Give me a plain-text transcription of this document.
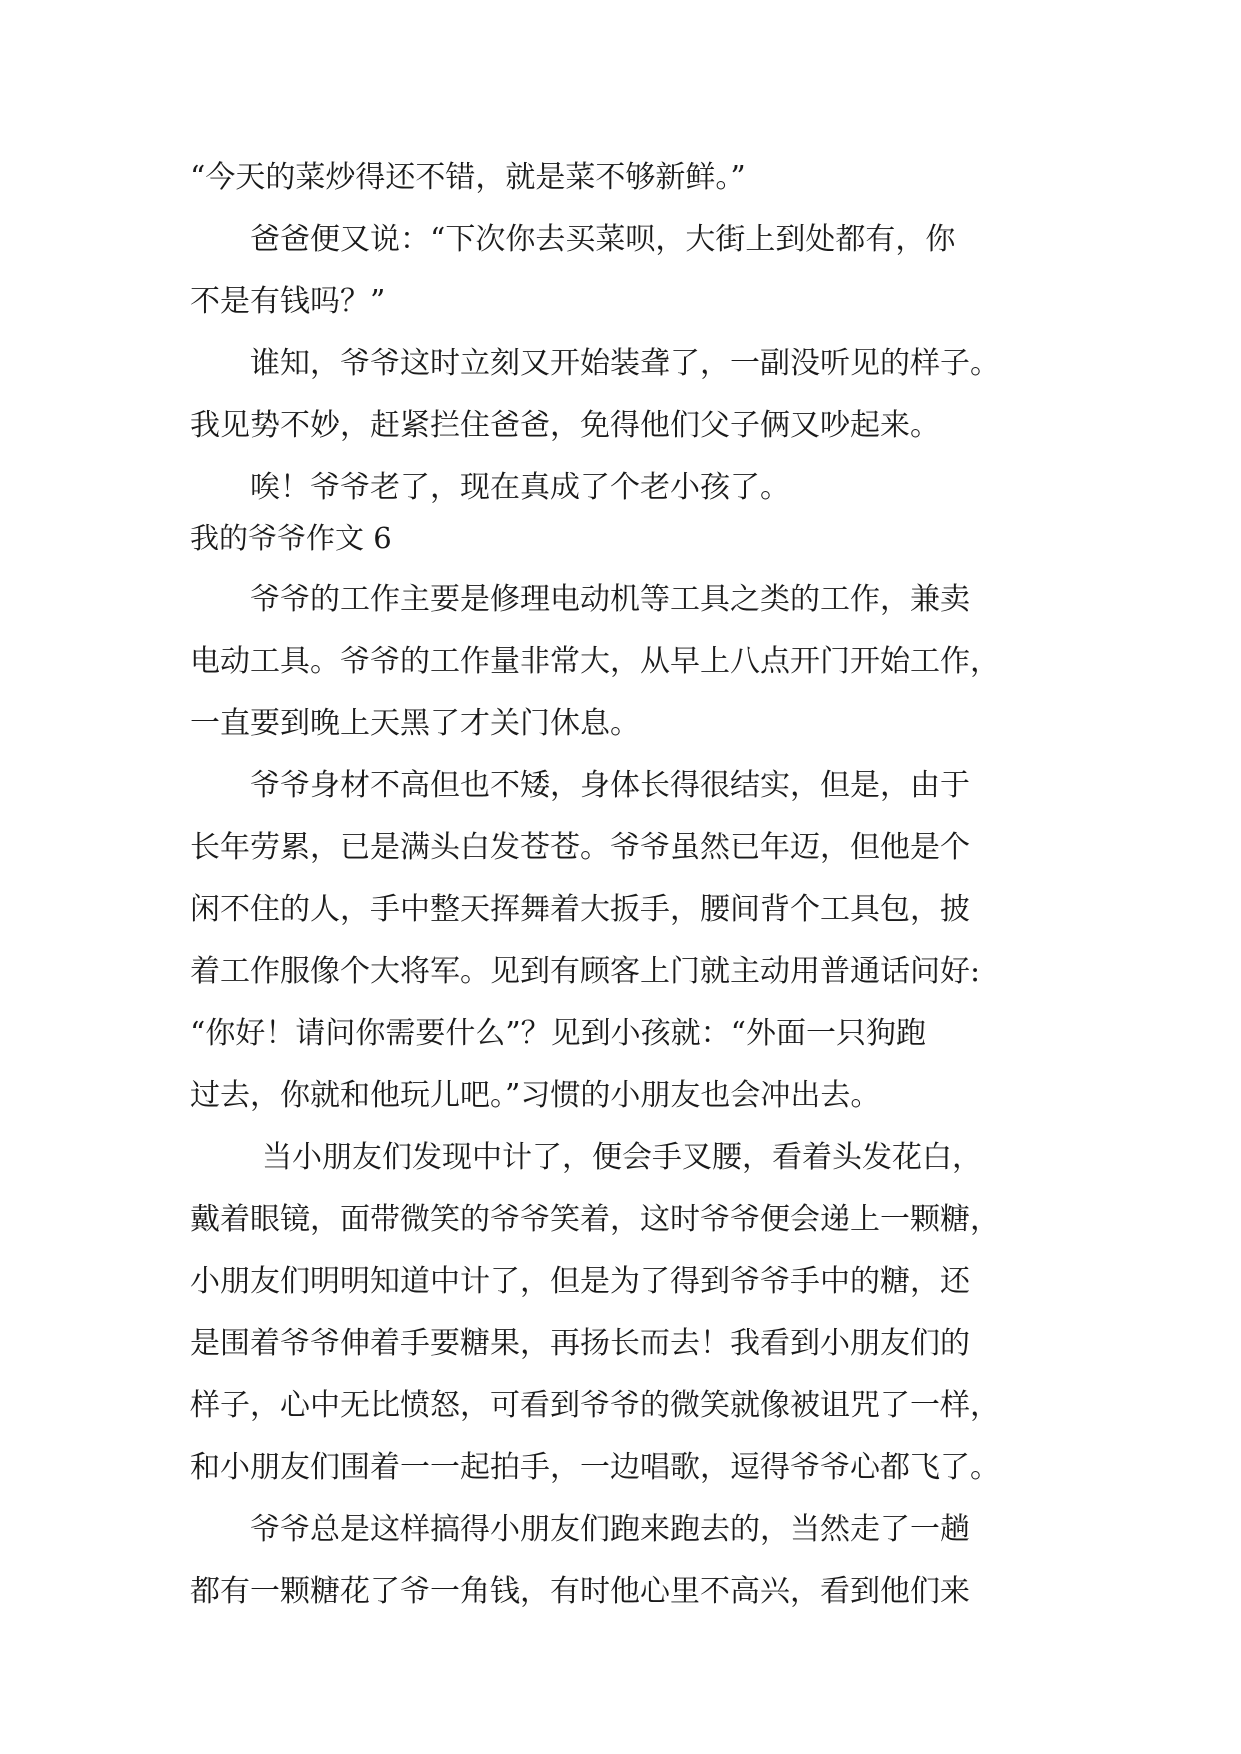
“今天的菜炒得还不错，就是菜不够新鲜。”
爸爸便又说：“下次你去买菜呗，大街上到处都有，你
不是有钱吗？”
谁知，爷爷这时立刻又开始装聋了，一副没听见的样子。
我见势不妙，赶紧拦住爸爸，免得他们父子俩又吵起来。
唉！爷爷老了，现在真成了个老小孩了。
我的爷爷作文 6
爷爷的工作主要是修理电动机等工具之类的工作，兼卖
电动工具。爷爷的工作量非常大，从早上八点开门开始工作，
一直要到晚上天黑了才关门休息。
爷爷身材不高但也不矮，身体长得很结实，但是，由于
长年劳累，已是满头白发苍苍。爷爷虽然已年迈，但他是个
闲不住的人，手中整天挥舞着大扳手，腰间背个工具包，披
着工作服像个大将军。见到有顾客上门就主动用普通话问好:
“你好！请问你需要什么”？见到小孩就：“外面一只狗跑
过去，你就和他玩儿吧。”习惯的小朋友也会冲出去。
当小朋友们发现中计了，便会手叉腰，看着头发花白，
戴着眼镜，面带微笑的爷爷笑着，这时爷爷便会递上一颗糖，
小朋友们明明知道中计了，但是为了得到爷爷手中的糖，还
是围着爷爷伸着手要糖果，再扬长而去！我看到小朋友们的
样子，心中无比愤怒，可看到爷爷的微笑就像被诅咒了一样，
和小朋友们围着一一起拍手，一边唱歌，逗得爷爷心都飞了。
爷爷总是这样搞得小朋友们跑来跑去的，当然走了一趟
都有一颗糖花了爷一角钱，有时他心里不高兴，看到他们来
